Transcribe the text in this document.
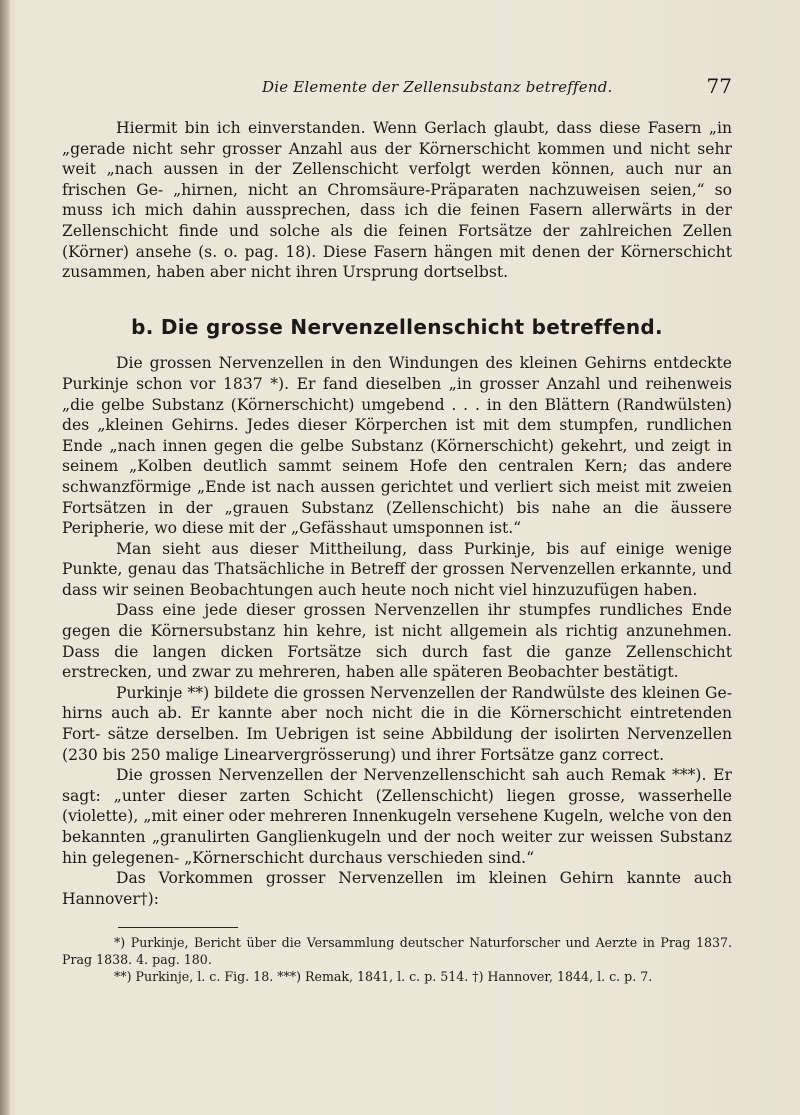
Die Elemente der Zellensubstanz betreffend.	77

Hiermit bin ich einverstanden. Wenn Gerlach glaubt, dass diese Fasern „in „gerade nicht sehr grosser Anzahl aus der Körnerschicht kommen und nicht sehr weit „nach aussen in der Zellenschicht verfolgt werden können, auch nur an frischen Ge- „hirnen, nicht an Chromsäure-Präparaten nachzuweisen seien,“ so muss ich mich dahin aussprechen, dass ich die feinen Fasern allerwärts in der Zellenschicht finde und solche als die feinen Fortsätze der zahlreichen Zellen (Körner) ansehe (s. o. pag. 18). Diese Fasern hängen mit denen der Körnerschicht zusammen, haben aber nicht ihren Ursprung dortselbst.

b. Die grosse Nervenzellenschicht betreffend.

Die grossen Nervenzellen in den Windungen des kleinen Gehirns entdeckte Purkinje schon vor 1837 *). Er fand dieselben „in grosser Anzahl und reihenweis „die gelbe Substanz (Körnerschicht) umgebend . . . in den Blättern (Randwülsten) des „kleinen Gehirns. Jedes dieser Körperchen ist mit dem stumpfen, rundlichen Ende „nach innen gegen die gelbe Substanz (Körnerschicht) gekehrt, und zeigt in seinem „Kolben deutlich sammt seinem Hofe den centralen Kern; das andere schwanzförmige „Ende ist nach aussen gerichtet und verliert sich meist mit zweien Fortsätzen in der „grauen Substanz (Zellenschicht) bis nahe an die äussere Peripherie, wo diese mit der „Gefässhaut umsponnen ist.“

Man sieht aus dieser Mittheilung, dass Purkinje, bis auf einige wenige Punkte, genau das Thatsächliche in Betreff der grossen Nervenzellen erkannte, und dass wir seinen Beobachtungen auch heute noch nicht viel hinzuzufügen haben.

Dass eine jede dieser grossen Nervenzellen ihr stumpfes rundliches Ende gegen die Körnersubstanz hin kehre, ist nicht allgemein als richtig anzunehmen. Dass die langen dicken Fortsätze sich durch fast die ganze Zellenschicht erstrecken, und zwar zu mehreren, haben alle späteren Beobachter bestätigt.

Purkinje **) bildete die grossen Nervenzellen der Randwülste des kleinen Ge- hirns auch ab. Er kannte aber noch nicht die in die Körnerschicht eintretenden Fort- sätze derselben. Im Uebrigen ist seine Abbildung der isolirten Nervenzellen (230 bis 250 malige Linearvergrösserung) und ihrer Fortsätze ganz correct.

Die grossen Nervenzellen der Nervenzellenschicht sah auch Remak ***). Er sagt: „unter dieser zarten Schicht (Zellenschicht) liegen grosse, wasserhelle (violette), „mit einer oder mehreren Innenkugeln versehene Kugeln, welche von den bekannten „granulirten Ganglienkugeln und der noch weiter zur weissen Substanz hin gelegenen- „Körnerschicht durchaus verschieden sind.“

Das Vorkommen grosser Nervenzellen im kleinen Gehirn kannte auch Hannover†):

*) Purkinje, Bericht über die Versammlung deutscher Naturforscher und Aerzte in Prag 1837. Prag 1838. 4. pag. 180.

**) Purkinje, l. c. Fig. 18. ***) Remak, 1841, l. c. p. 514. †) Hannover, 1844, l. c. p. 7.
